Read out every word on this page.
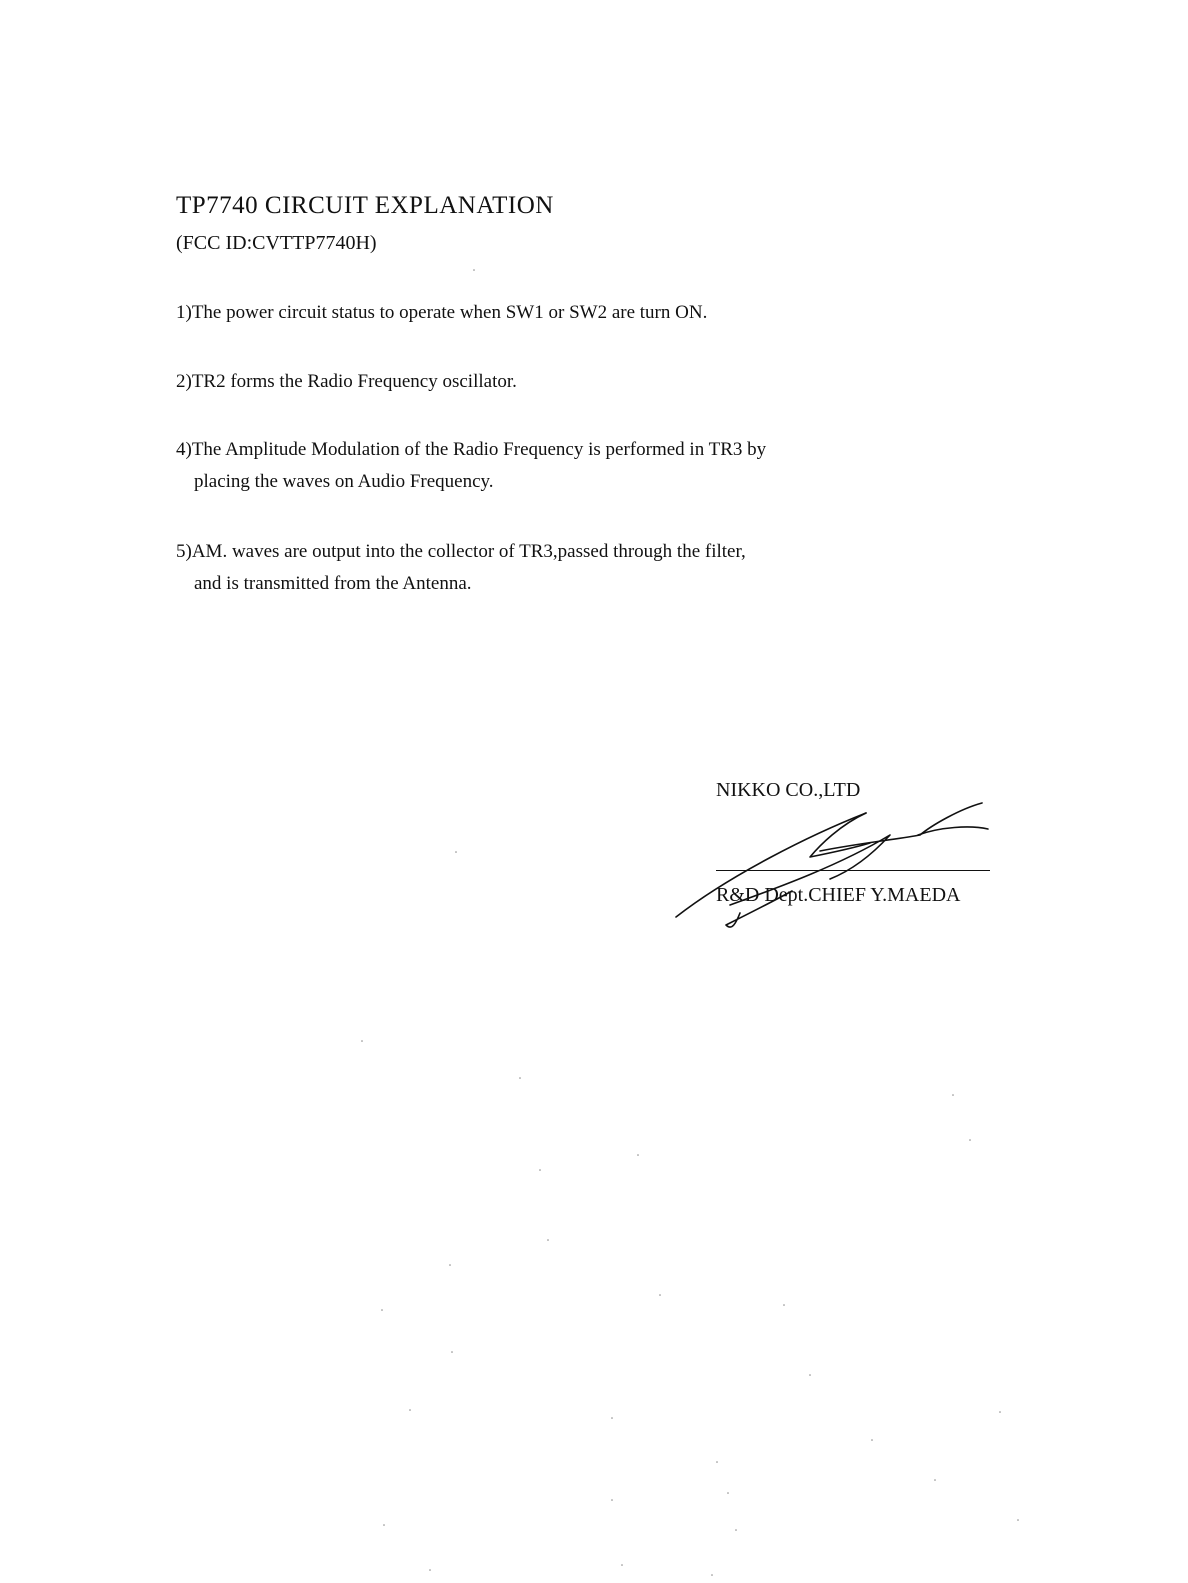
TP7740 CIRCUIT EXPLANATION
(FCC ID:CVTTP7740H)
1)The power circuit status to operate when SW1 or SW2 are turn ON.
2)TR2 forms the Radio Frequency oscillator.
4)The Amplitude Modulation of the Radio Frequency is performed in TR3 by
placing the waves on Audio Frequency.
5)AM. waves are output into the collector of TR3,passed through the filter,
and is transmitted from the Antenna.
NIKKO CO.,LTD
R&D Dept.CHIEF Y.MAEDA
